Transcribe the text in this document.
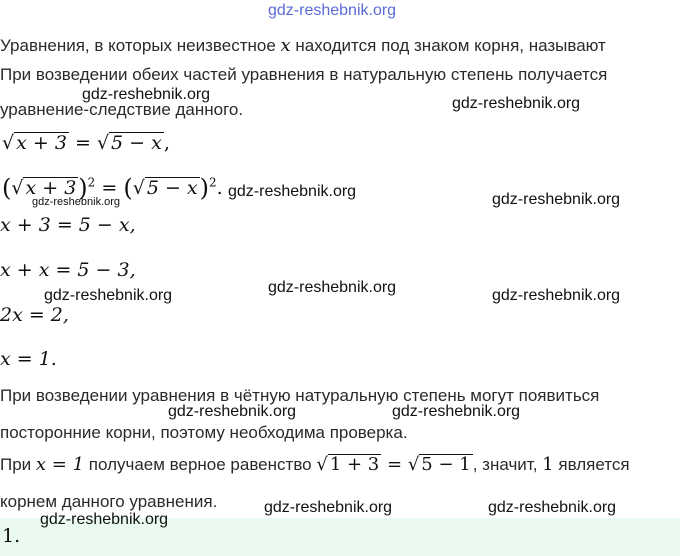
gdz-reshebnik.org
Уравнения, в которых неизвестное x находится под знаком корня, называют
При возведении обеих частей уравнения в натуральную степень получается
уравнение-следствие данного.
gdz-reshebnik.org
gdz-reshebnik.org
√ x + 3 = √ 5 − x ,
( √ x + 3 )$^2$ = ( √ 5 − x )$^2$. gdz-reshebnik.org	gdz-reshebnik.org
gdz-reshebnik.org
x + 3 = 5 − x,
x + x = 5 − 3,
gdz-reshebnik.org
gdz-reshebnik.org	gdz-reshebnik.org
2x = 2,
x = 1.
При возведении уравнения в чётную натуральную степень могут появиться
gdz-reshebnik.org	gdz-reshebnik.org
посторонние корни, поэтому необходима проверка.
При x = 1 получаем верное равенство √ 1 + 3 = √ 5 − 1 , значит, 1 является
корнем данного уравнения.	gdz-reshebnik.org	gdz-reshebnik.org
gdz-reshebnik.org
1.
